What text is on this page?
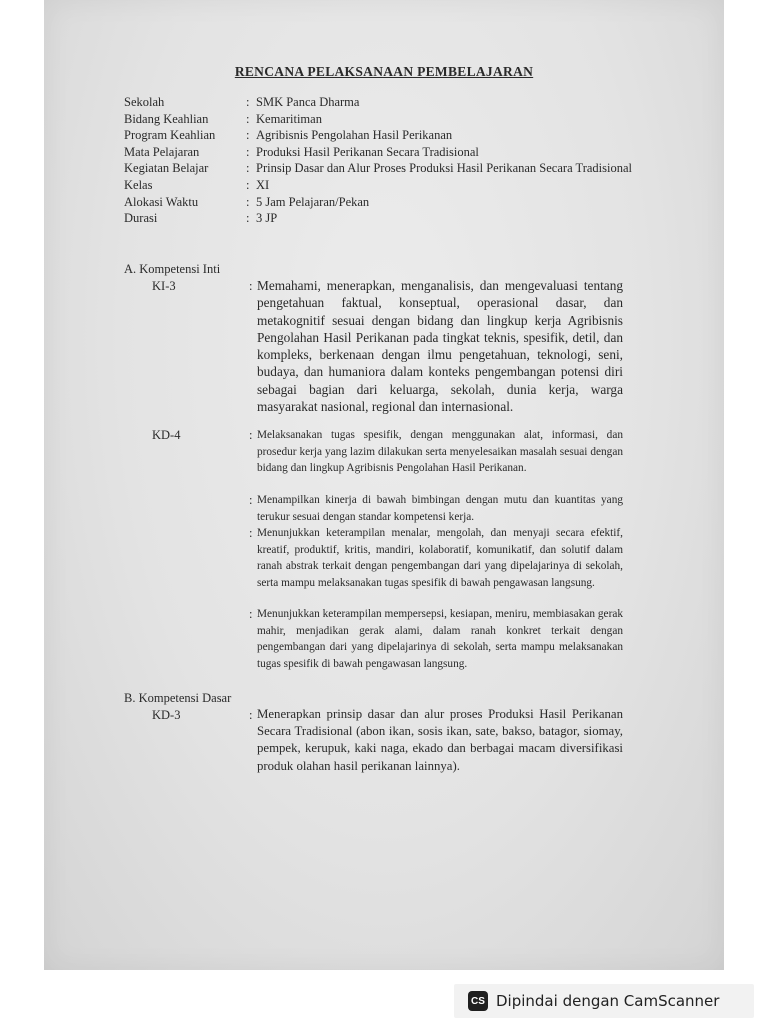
RENCANA PELAKSANAAN PEMBELAJARAN
Sekolah	: SMK Panca Dharma
Bidang Keahlian	: Kemaritiman
Program Keahlian	: Agribisnis Pengolahan Hasil Perikanan
Mata Pelajaran	: Produksi Hasil Perikanan Secara Tradisional
Kegiatan Belajar	: Prinsip Dasar dan Alur Proses Produksi Hasil Perikanan Secara Tradisional
Kelas	: XI
Alokasi Waktu	: 5 Jam Pelajaran/Pekan
Durasi	: 3 JP
A. Kompetensi Inti
KI-3	: Memahami, menerapkan, menganalisis, dan mengevaluasi tentang pengetahuan faktual, konseptual, operasional dasar, dan metakognitif sesuai dengan bidang dan lingkup kerja Agribisnis Pengolahan Hasil Perikanan pada tingkat teknis, spesifik, detil, dan kompleks, berkenaan dengan ilmu pengetahuan, teknologi, seni, budaya, dan humaniora dalam konteks pengembangan potensi diri sebagai bagian dari keluarga, sekolah, dunia kerja, warga masyarakat nasional, regional dan internasional.
KD-4	: Melaksanakan tugas spesifik, dengan menggunakan alat, informasi, dan prosedur kerja yang lazim dilakukan serta menyelesaikan masalah sesuai dengan bidang dan lingkup Agribisnis Pengolahan Hasil Perikanan.
: Menampilkan kinerja di bawah bimbingan dengan mutu dan kuantitas yang terukur sesuai dengan standar kompetensi kerja.
: Menunjukkan keterampilan menalar, mengolah, dan menyaji secara efektif, kreatif, produktif, kritis, mandiri, kolaboratif, komunikatif, dan solutif dalam ranah abstrak terkait dengan pengembangan dari yang dipelajarinya di sekolah, serta mampu melaksanakan tugas spesifik di bawah pengawasan langsung.
: Menunjukkan keterampilan mempersepsi, kesiapan, meniru, membiasakan gerak mahir, menjadikan gerak alami, dalam ranah konkret terkait dengan pengembangan dari yang dipelajarinya di sekolah, serta mampu melaksanakan tugas spesifik di bawah pengawasan langsung.
B. Kompetensi Dasar
KD-3	: Menerapkan prinsip dasar dan alur proses Produksi Hasil Perikanan Secara Tradisional (abon ikan, sosis ikan, sate, bakso, batagor, siomay, pempek, kerupuk, kaki naga, ekado dan berbagai macam diversifikasi produk olahan hasil perikanan lainnya).
CS Dipindai dengan CamScanner
